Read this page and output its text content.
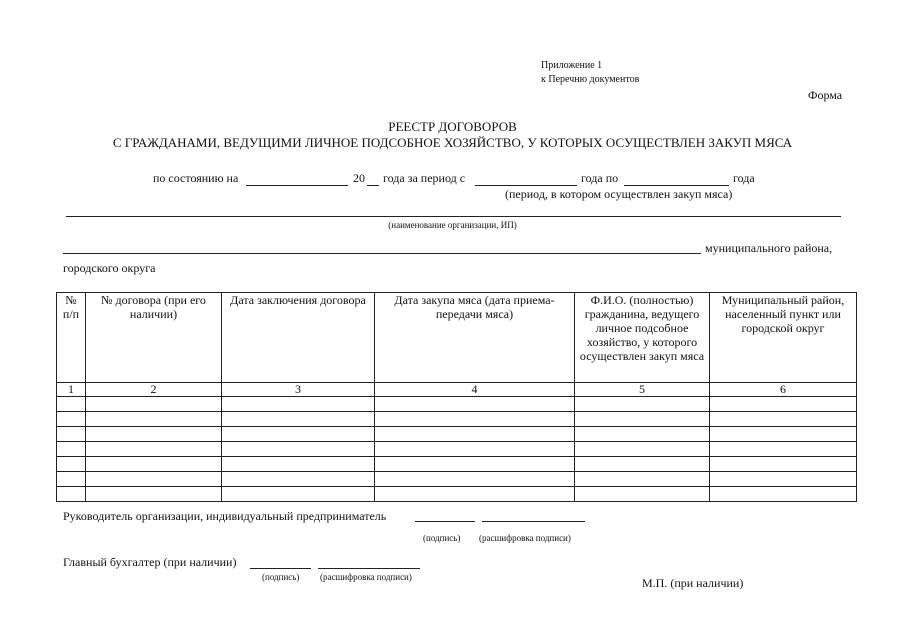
Приложение 1
к Перечню документов
Форма
РЕЕСТР ДОГОВОРОВ
С ГРАЖДАНАМИ, ВЕДУЩИМИ ЛИЧНОЕ ПОДСОБНОЕ ХОЗЯЙСТВО, У КОТОРЫХ ОСУЩЕСТВЛЕН ЗАКУП МЯСА
по состоянию на	20 года за период с	года по	года
(период, в котором осуществлен закуп мяса)
(наименование организации, ИП)
муниципального района,
городского округа
№ п/п	№ договора (при его наличии)	Дата заключения договора	Дата закупа мяса (дата приема-передачи мяса)	Ф.И.О. (полностью) гражданина, ведущего личное подсобное хозяйство, у которого осуществлен закуп мяса	Муниципальный район, населенный пункт или городской округ
1	2	3	4	5	6

Руководитель организации, индивидуальный предприниматель
(подпись) (расшифровка подписи)
Главный бухгалтер (при наличии)
(подпись) (расшифровка подписи)	М.П. (при наличии)
